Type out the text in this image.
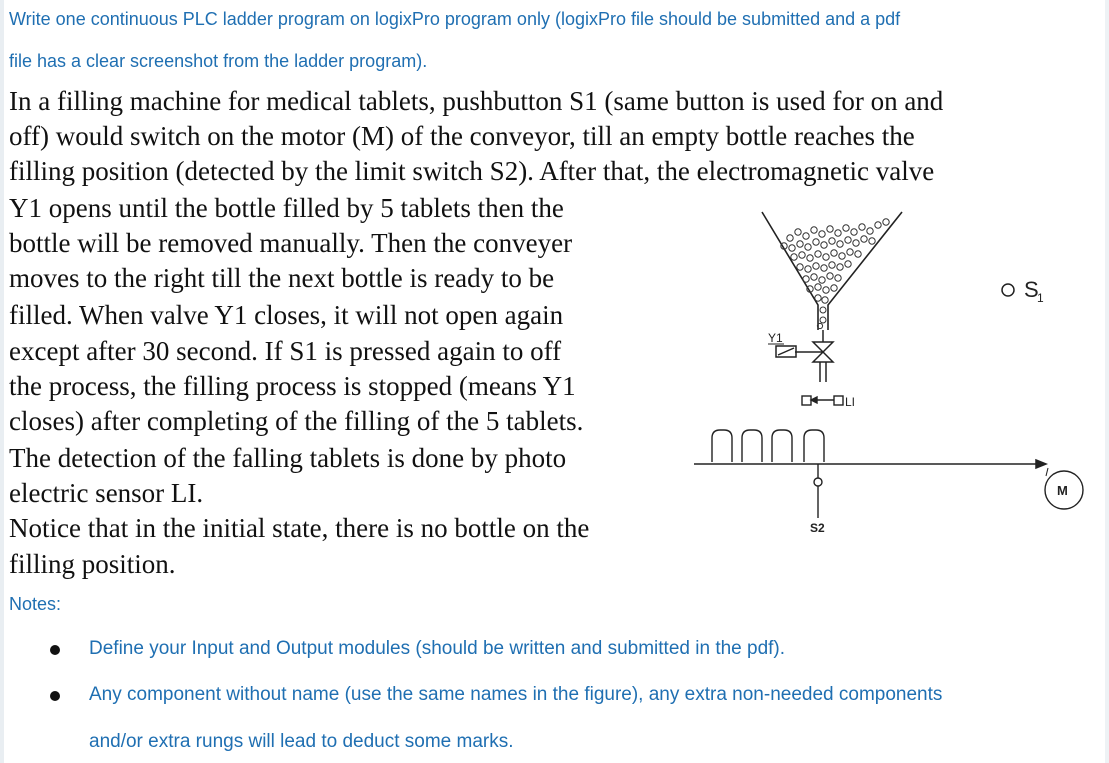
Write one continuous PLC ladder program on logixPro program only (logixPro file should be submitted and a pdf
file has a clear screenshot from the ladder program).
In a filling machine for medical tablets, pushbutton S1 (same button is used for on and
off) would switch on the motor (M) of the conveyor, till an empty bottle reaches the
filling position (detected by the limit switch S2). After that, the electromagnetic valve
Y1 opens until the bottle filled by 5 tablets then the
bottle will be removed manually. Then the conveyer
moves to the right till the next bottle is ready to be
filled. When valve Y1 closes, it will not open again
except after 30 second. If S1 is pressed again to off
the process, the filling process is stopped (means Y1
closes) after completing of the filling of the 5 tablets.
The detection of the falling tablets is done by photo
electric sensor LI.
Notice that in the initial state, there is no bottle on the
filling position.
Y1
LI
S2
M
S
1
Notes:
Define your Input and Output modules (should be written and submitted in the pdf).
Any component without name (use the same names in the figure), any extra non-needed components
and/or extra rungs will lead to deduct some marks.
